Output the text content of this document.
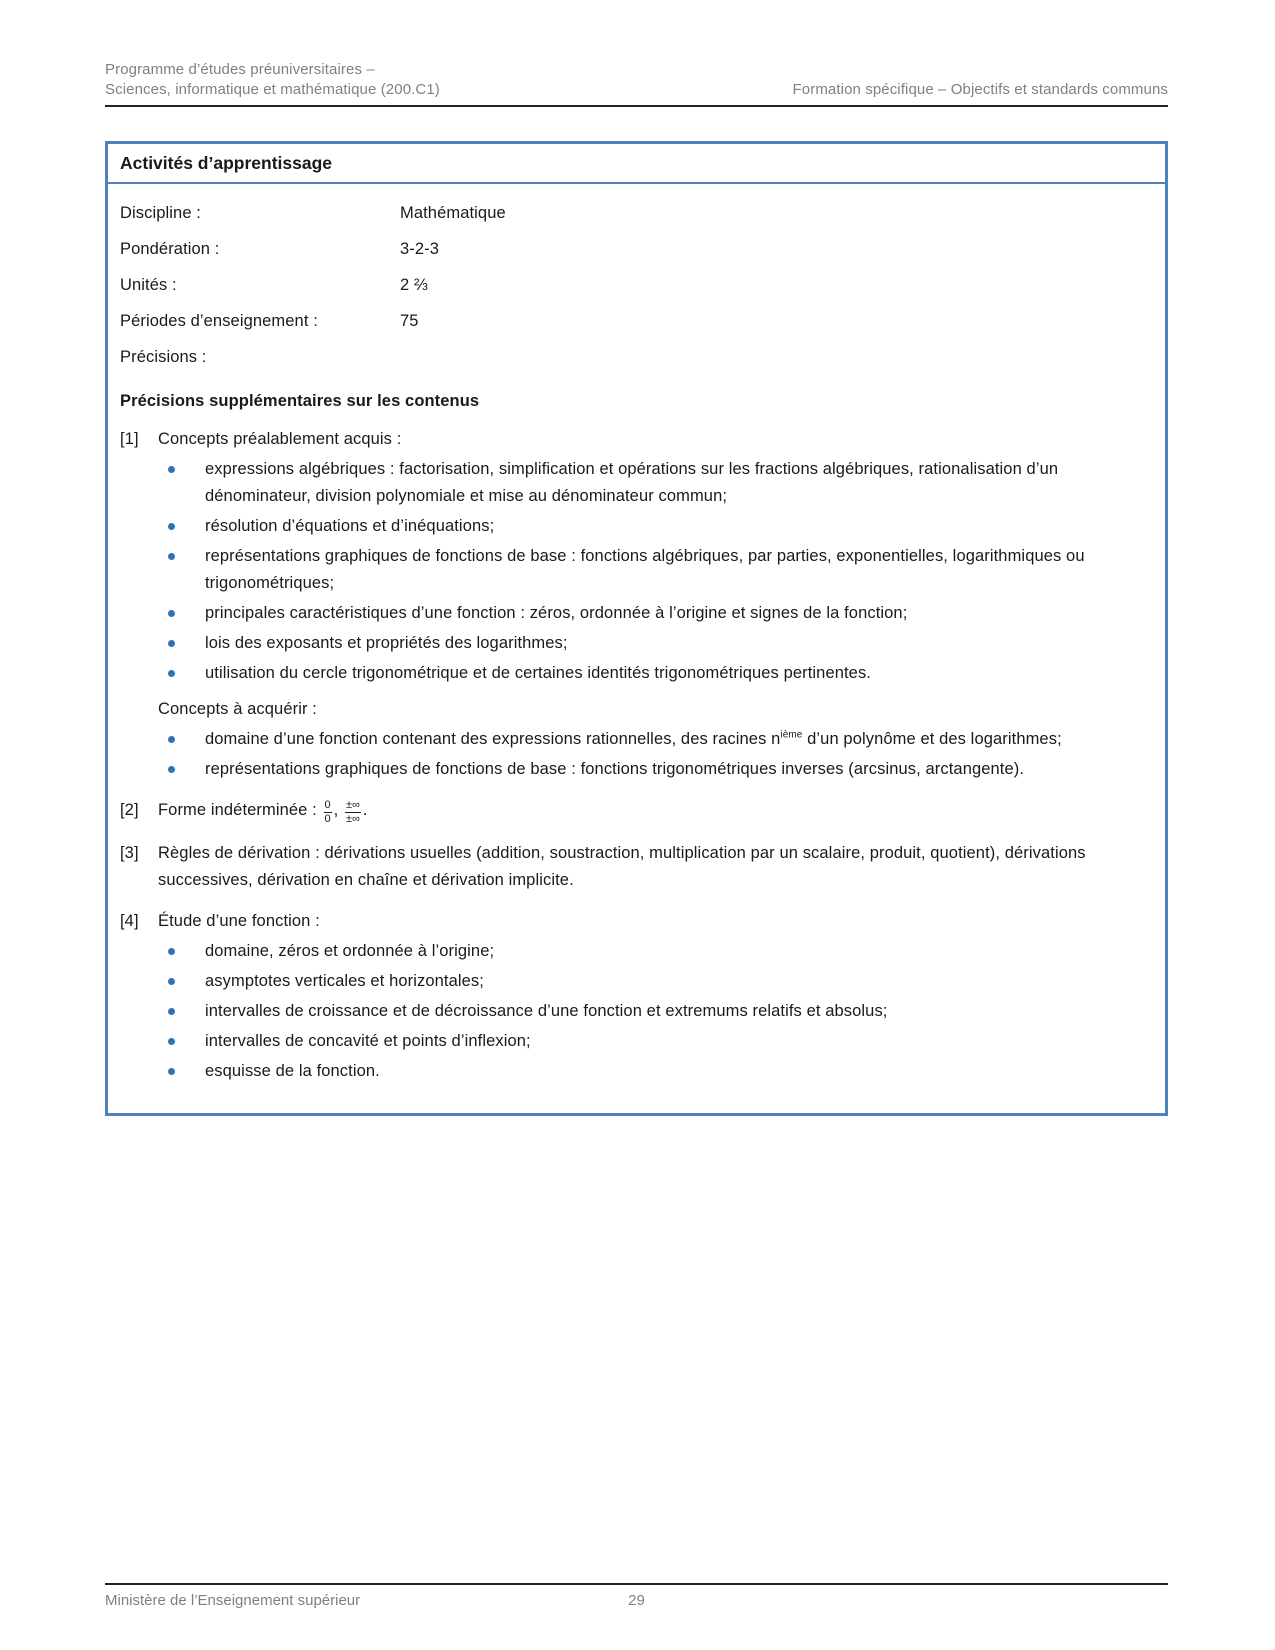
Programme d’études préuniversitaires –
Sciences, informatique et mathématique (200.C1)	Formation spécifique – Objectifs et standards communs
Activités d’apprentissage
Discipline :	Mathématique
Pondération :	3-2-3
Unités :	2 ⅔
Périodes d’enseignement :	75
Précisions :
Précisions supplémentaires sur les contenus
[1]	Concepts préalablement acquis :
expressions algébriques : factorisation, simplification et opérations sur les fractions algébriques, rationalisation d’un dénominateur, division polynomiale et mise au dénominateur commun;
résolution d’équations et d’inéquations;
représentations graphiques de fonctions de base : fonctions algébriques, par parties, exponentielles, logarithmiques ou trigonométriques;
principales caractéristiques d’une fonction : zéros, ordonnée à l’origine et signes de la fonction;
lois des exposants et propriétés des logarithmes;
utilisation du cercle trigonométrique et de certaines identités trigonométriques pertinentes.
Concepts à acquérir :
domaine d’une fonction contenant des expressions rationnelles, des racines $n^{ième}$ d’un polynôme et des logarithmes;
représentations graphiques de fonctions de base : fonctions trigonométriques inverses (arcsinus, arctangente).
[2]	Forme indéterminée : $\frac{0}{0}$ , $\frac{\pm\infty}{\pm\infty}$ .
[3]	Règles de dérivation : dérivations usuelles (addition, soustraction, multiplication par un scalaire, produit, quotient), dérivations successives, dérivation en chaîne et dérivation implicite.
[4]	Étude d’une fonction :
domaine, zéros et ordonnée à l’origine;
asymptotes verticales et horizontales;
intervalles de croissance et de décroissance d’une fonction et extremums relatifs et absolus;
intervalles de concavité et points d’inflexion;
esquisse de la fonction.
Ministère de l’Enseignement supérieur	29
